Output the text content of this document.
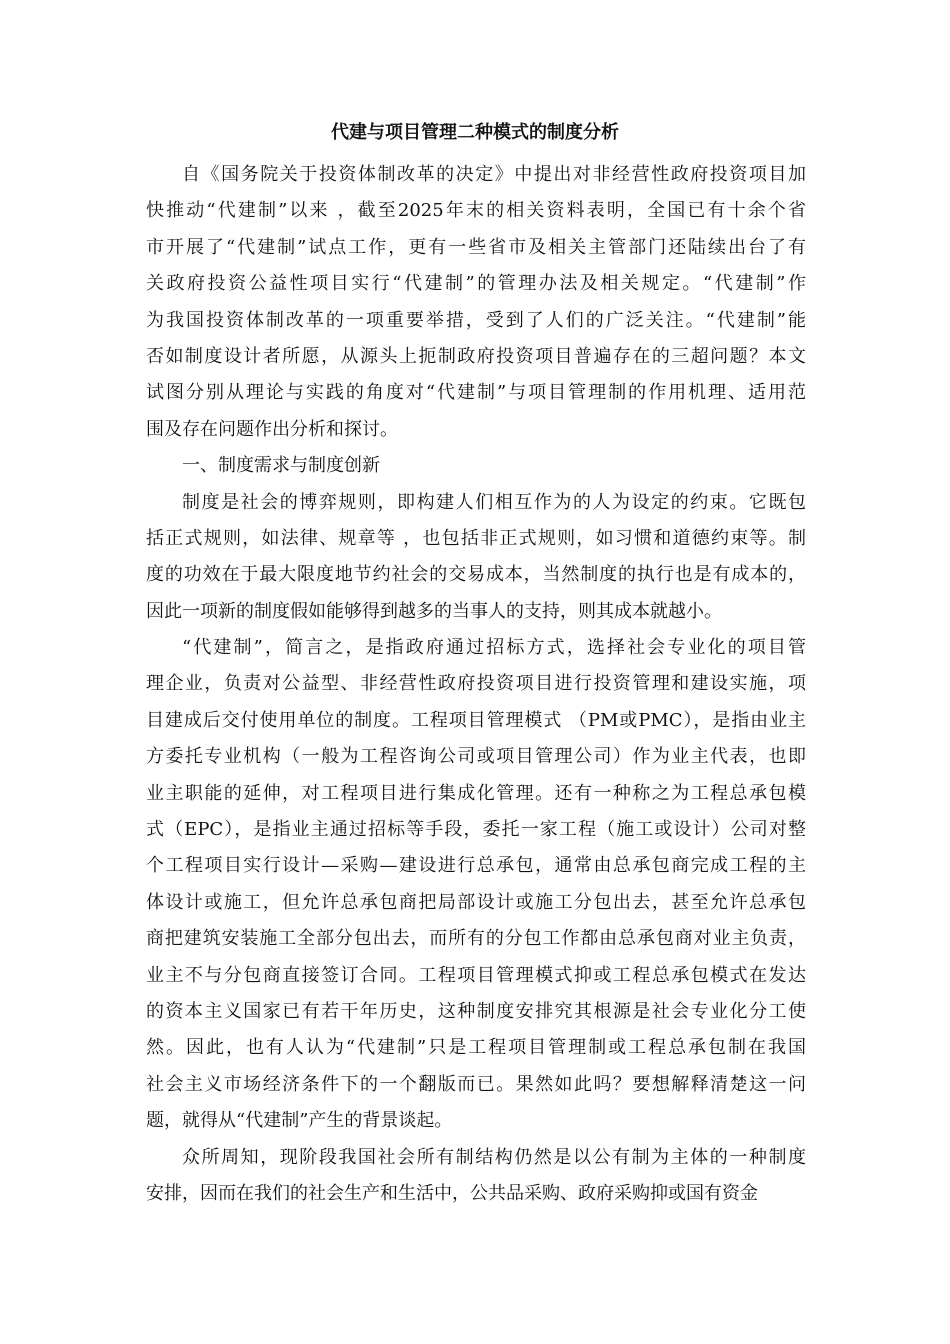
代建与项目管理二种模式的制度分析
自《国务院关于投资体制改革的决定》中提出对非经营性政府投资项目加
快推动“代建制”以来 ，截至2025年末的相关资料表明，全国已有十余个省
市开展了“代建制”试点工作，更有一些省市及相关主管部门还陆续出台了有
关政府投资公益性项目实行“代建制”的管理办法及相关规定。“代建制”作
为我国投资体制改革的一项重要举措，受到了人们的广泛关注。“代建制”能
否如制度设计者所愿，从源头上扼制政府投资项目普遍存在的三超问题？本文
试图分别从理论与实践的角度对“代建制”与项目管理制的作用机理、适用范
围及存在问题作出分析和探讨。
一、制度需求与制度创新
制度是社会的博弈规则，即构建人们相互作为的人为设定的约束。它既包
括正式规则，如法律、规章等 ，也包括非正式规则，如习惯和道德约束等。制
度的功效在于最大限度地节约社会的交易成本，当然制度的执行也是有成本的，
因此一项新的制度假如能够得到越多的当事人的支持，则其成本就越小。
“代建制”，简言之，是指政府通过招标方式，选择社会专业化的项目管
理企业，负责对公益型、非经营性政府投资项目进行投资管理和建设实施，项
目建成后交付使用单位的制度。工程项目管理模式 （PM或PMC），是指由业主
方委托专业机构（一般为工程咨询公司或项目管理公司）作为业主代表，也即
业主职能的延伸，对工程项目进行集成化管理。还有一种称之为工程总承包模
式（EPC），是指业主通过招标等手段，委托一家工程（施工或设计）公司对整
个工程项目实行设计—采购—建设进行总承包，通常由总承包商完成工程的主
体设计或施工，但允许总承包商把局部设计或施工分包出去，甚至允许总承包
商把建筑安装施工全部分包出去，而所有的分包工作都由总承包商对业主负责，
业主不与分包商直接签订合同。工程项目管理模式抑或工程总承包模式在发达
的资本主义国家已有若干年历史，这种制度安排究其根源是社会专业化分工使
然。因此，也有人认为“代建制”只是工程项目管理制或工程总承包制在我国
社会主义市场经济条件下的一个翻版而已。果然如此吗？要想解释清楚这一问
题，就得从“代建制”产生的背景谈起。
众所周知，现阶段我国社会所有制结构仍然是以公有制为主体的一种制度
安排，因而在我们的社会生产和生活中，公共品采购、政府采购抑或国有资金
